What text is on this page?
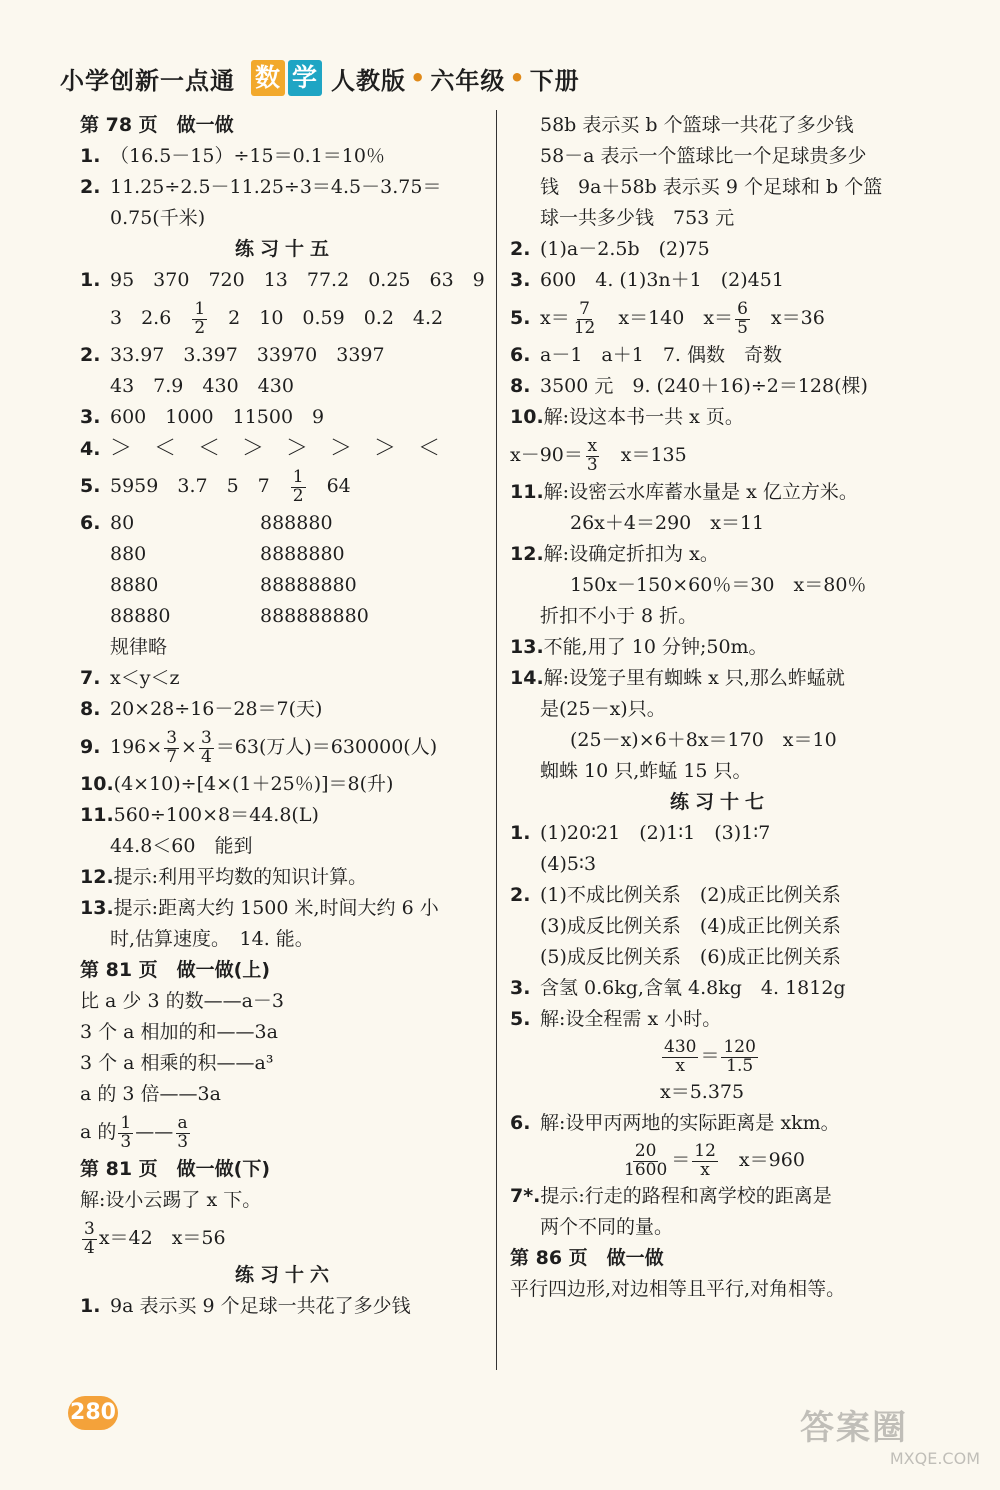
小学创新一点通 数 学 人教版 • 六年级 • 下册
第 78 页　做一做
1. （16.5－15）÷15＝0.1＝10％
2. 11.25÷2.5－11.25÷3＝4.5－3.75＝
0.75(千米)
练习十五
1. 95　370　720　13　77.2　0.25　63　9
3　2.6　 $\frac{1}{2}$ 　2　10　0.59　0.2　4.2
2. 33.97　3.397　33970　3397
43　7.9　430　430
3. 600　1000　11500　9
4. ＞＜＜＞＞＞＞＜
5. 5959　3.7　5　7　 $\frac{1}{2}$ 　64
6. 80	888880
880	8888880
8880	88888880
88880	888888880
规律略
7. x＜y＜z
8. 20×28÷16－28＝7(天)
9. $196\times \frac{3}{7} \times \frac{3}{4} =63$(万人)＝630000(人)
10.(4×10)÷[4×(1＋25％)]＝8(升)
11.560÷100×8＝44.8(L)
44.8＜60　能到
12.提示:利用平均数的知识计算。
13.提示:距离大约 1500 米,时间大约 6 小
时,估算速度。　14. 能。
第 81 页　做一做(上)
比 a 少 3 的数——a－3
3 个 a 相加的和——3a
3 个 a 相乘的积——a³
a 的 3 倍——3a
a 的 $\frac{1}{3}$ —— $\frac{a}{3}$
第 81 页　做一做(下)
解:设小云踢了 x 下。
$\frac{3}{4} x=42$　x＝56
练习十六
1. 9a 表示买 9 个足球一共花了多少钱
58b 表示买 b 个篮球一共花了多少钱
58－a 表示一个篮球比一个足球贵多少
钱　9a＋58b 表示买 9 个足球和 b 个篮
球一共多少钱　753 元
2. (1)a－2.5b　(2)75
3. 600　4. (1)3n＋1　(2)451
5. $x= \frac{7}{12}$ 　x＝140　$x= \frac{6}{5}$ 　x＝36
6. a－1　a＋1　7. 偶数　奇数
8. 3500 元　9. (240＋16)÷2＝128(棵)
10.解:设这本书一共 x 页。
$x-90= \frac{x}{3}$ 　x＝135
11.解:设密云水库蓄水量是 x 亿立方米。
26x＋4＝290　x＝11
12.解:设确定折扣为 x。
150x－150×60％＝30　x＝80％
折扣不小于 8 折。
13.不能,用了 10 分钟;50m。
14.解:设笼子里有蜘蛛 x 只,那么蚱蜢就
是(25－x)只。
(25－x)×6＋8x＝170　x＝10
蜘蛛 10 只,蚱蜢 15 只。
练习十七
1. (1)20∶21　(2)1∶1　(3)1∶7
(4)5∶3
2. (1)不成比例关系　(2)成正比例关系
(3)成反比例关系　(4)成正比例关系
(5)成反比例关系　(6)成正比例关系
3. 含氢 0.6kg,含氧 4.8kg　4. 1812g
5. 解:设全程需 x 小时。
$\frac{430}{x} = \frac{120}{1.5}$
x＝5.375
6. 解:设甲丙两地的实际距离是 xkm。
$\frac{20}{1600} = \frac{12}{x}$ 　x＝960
7*.提示:行走的路程和离学校的距离是
两个不同的量。
第 86 页　做一做
平行四边形,对边相等且平行,对角相等。
280	答案圈
MXQE.COM
